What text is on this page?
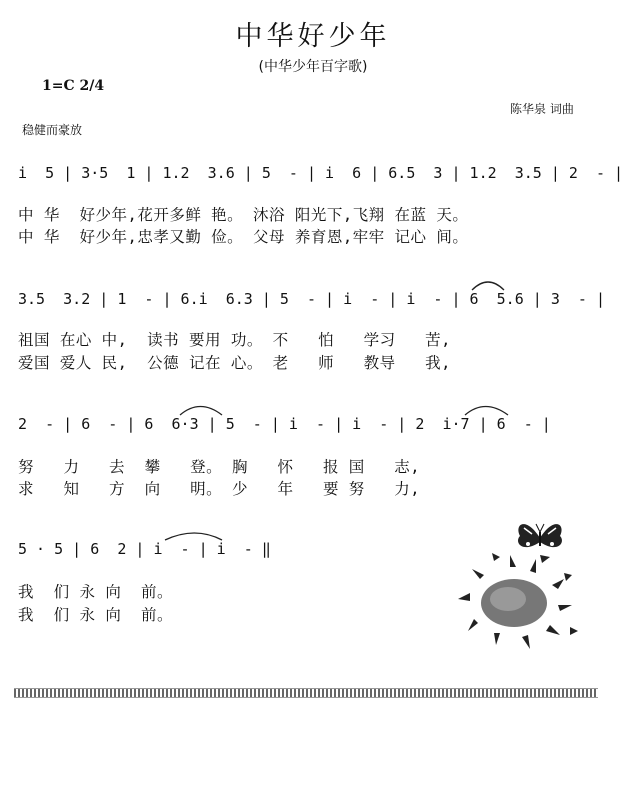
中华好少年
(中华少年百字歌)
1=C 2/4
陈华泉 词曲
稳健而豪放
i  5 | 3·5  1 | 1.2  3.6 | 5  - | i  6 | 6.5  3 | 1.2  3.5 | 2  - |
中 华  好少年,花开多鲜 艳。 沐浴 阳光下,飞翔 在蓝 天。
中 华  好少年,忠孝又勤 俭。 父母 养育恩,牢牢 记心 间。
3.5  3.2 | 1  - | 6.i  6.3 | 5  - | i  - | i  - | 6  5.6 | 3  - |
祖国 在心 中,  读书 要用 功。 不   怕   学习   苦,
爱国 爱人 民,  公德 记在 心。 老   师   教导   我,
2  - | 6  - | 6  6·3 | 5  - | i  - | i  - | 2  i·7 | 6  - |
努   力   去  攀   登。 胸   怀   报 国   志,
求   知   方  向   明。 少   年   要 努   力,
5 · 5 | 6  2 | i  - | i  - ‖
我  们 永 向  前。
我  们 永 向  前。
